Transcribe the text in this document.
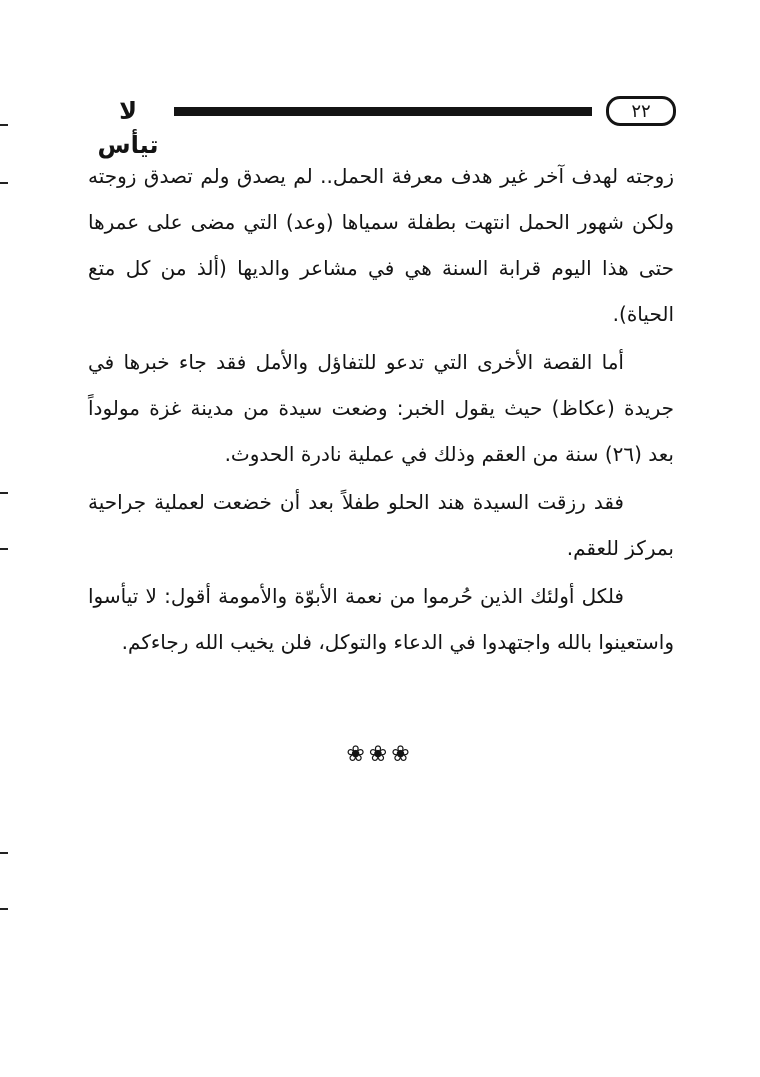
لا تيأس
٢٢

زوجته لهدف آخر غير هدف معرفة الحمل.. لم يصدق ولم تصدق زوجته ولكن شهور الحمل انتهت بطفلة سمياها (وعد) التي مضى على عمرها حتى هذا اليوم قرابة السنة هي في مشاعر والديها (ألذ من كل متع الحياة).

أما القصة الأخرى التي تدعو للتفاؤل والأمل فقد جاء خبرها في جريدة (عكاظ) حيث يقول الخبر: وضعت سيدة من مدينة غزة مولوداً بعد (٢٦) سنة من العقم وذلك في عملية نادرة الحدوث.

فقد رزقت السيدة هند الحلو طفلاً بعد أن خضعت لعملية جراحية بمركز للعقم.

فلكل أولئك الذين حُرموا من نعمة الأبوّة والأمومة أقول: لا تيأسوا واستعينوا بالله واجتهدوا في الدعاء والتوكل، فلن يخيب الله رجاءكم.

❀❀❀
